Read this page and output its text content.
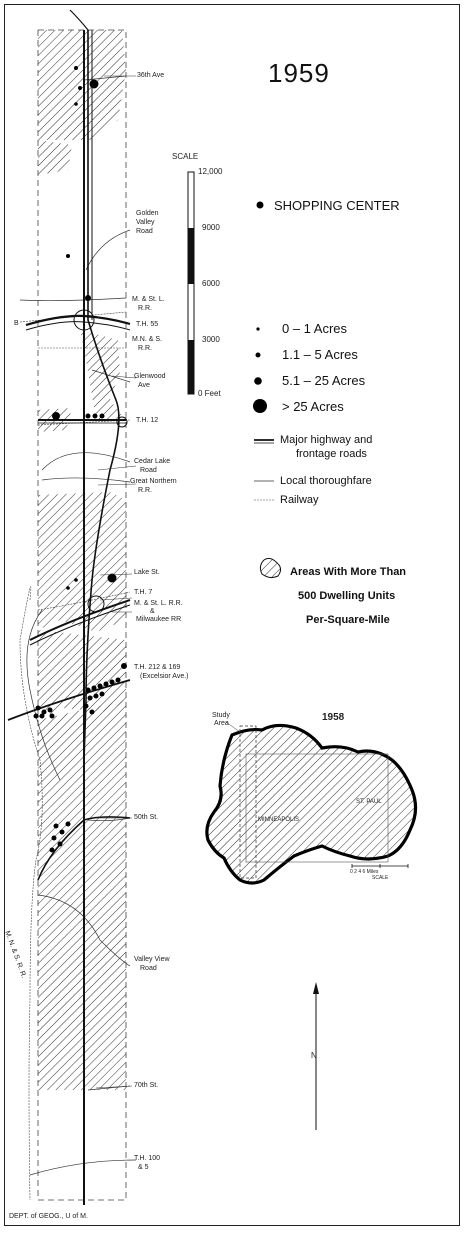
1959
36th Ave
Golden
Valley
Road
M. & St. L.
R.R.
T.H. 55
M.N. & S.
R.R.
Glenwood
Ave
T.H. 12
Cedar Lake
Road
Great Northern
R.R.
Lake St.
T.H. 7
M. & St. L. R.R.
&
Milwaukee RR
T.H. 212 & 169
(Excelsior Ave.)
50th St.
Valley View
Road
70th St.
T.H. 100
& 5
B
M. N. & S. R. R.
SCALE
12,000
9000
6000
3000
0 Feet
SHOPPING CENTER
0 – 1 Acres
1.1 – 5 Acres
5.1 – 25 Acres
> 25 Acres
Major highway and
frontage roads
Local thoroughfare
Railway
Areas With More Than
500 Dwelling Units
Per-Square-Mile
1958
Study
Area
MINNEAPOLIS
ST. PAUL
0 2 4 6 Miles
SCALE
N
DEPT. of GEOG., U of M.
